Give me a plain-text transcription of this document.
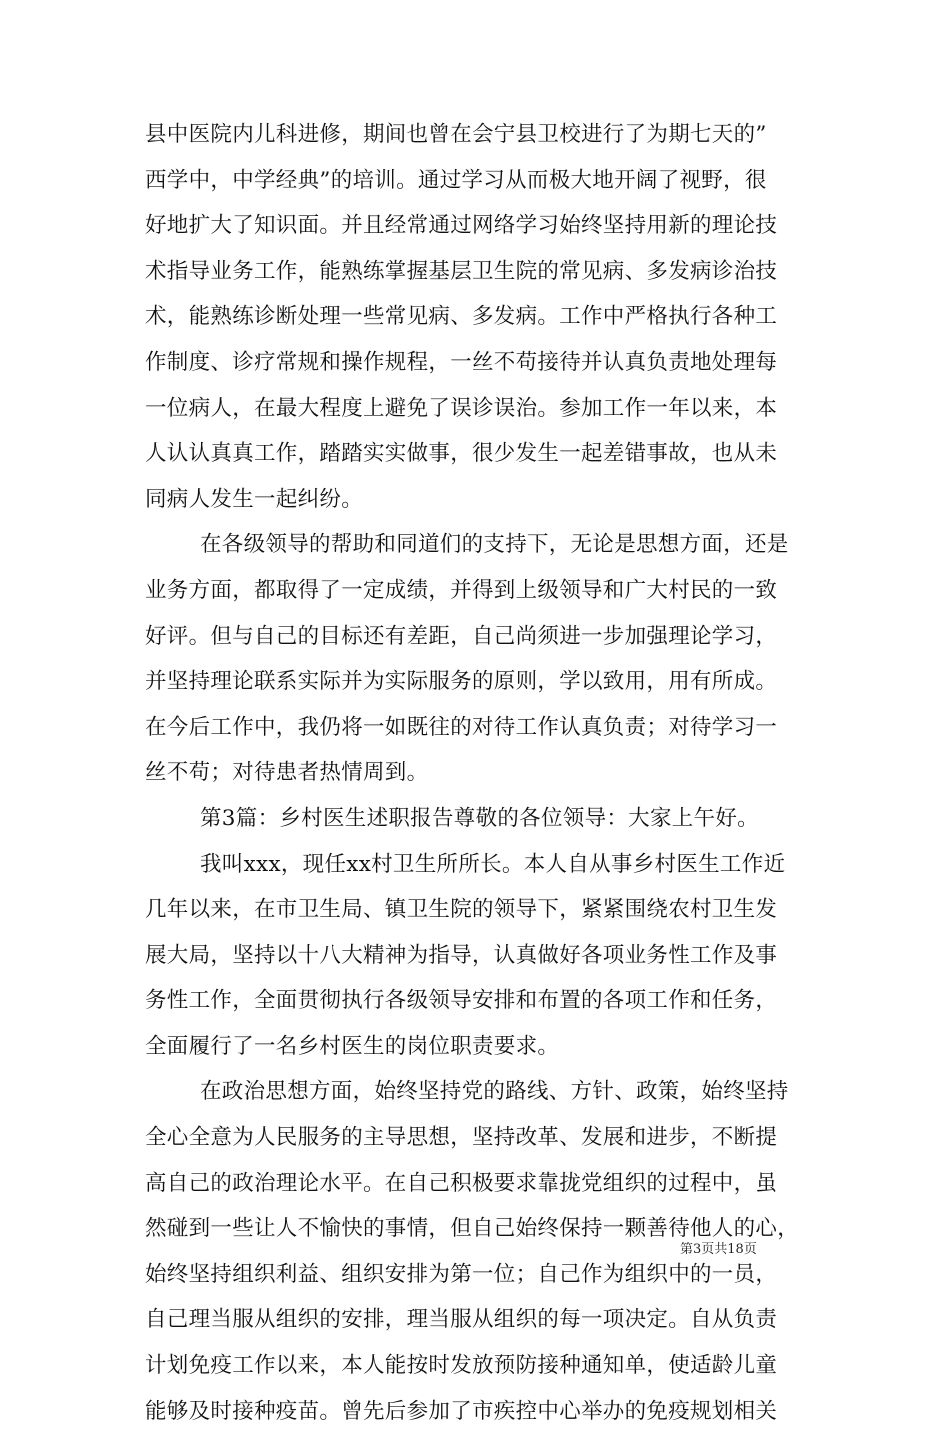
县中医院内儿科进修，期间也曾在会宁县卫校进行了为期七天的”
西学中，中学经典”的培训。通过学习从而极大地开阔了视野，很
好地扩大了知识面。并且经常通过网络学习始终坚持用新的理论技
术指导业务工作，能熟练掌握基层卫生院的常见病、多发病诊治技
术，能熟练诊断处理一些常见病、多发病。工作中严格执行各种工
作制度、诊疗常规和操作规程，一丝不苟接待并认真负责地处理每
一位病人，在最大程度上避免了误诊误治。参加工作一年以来，本
人认认真真工作，踏踏实实做事，很少发生一起差错事故，也从未
同病人发生一起纠纷。
在各级领导的帮助和同道们的支持下，无论是思想方面，还是
业务方面，都取得了一定成绩，并得到上级领导和广大村民的一致
好评。但与自己的目标还有差距，自己尚须进一步加强理论学习，
并坚持理论联系实际并为实际服务的原则，学以致用，用有所成。
在今后工作中，我仍将一如既往的对待工作认真负责；对待学习一
丝不苟；对待患者热情周到。
第3篇：乡村医生述职报告尊敬的各位领导：大家上午好。
我叫xxx，现任xx村卫生所所长。本人自从事乡村医生工作近
几年以来，在市卫生局、镇卫生院的领导下，紧紧围绕农村卫生发
展大局，坚持以十八大精神为指导，认真做好各项业务性工作及事
务性工作，全面贯彻执行各级领导安排和布置的各项工作和任务，
全面履行了一名乡村医生的岗位职责要求。
在政治思想方面，始终坚持党的路线、方针、政策，始终坚持
全心全意为人民服务的主导思想，坚持改革、发展和进步，不断提
高自己的政治理论水平。在自己积极要求靠拢党组织的过程中，虽
然碰到一些让人不愉快的事情，但自己始终保持一颗善待他人的心，
始终坚持组织利益、组织安排为第一位；自己作为组织中的一员，
自己理当服从组织的安排，理当服从组织的每一项决定。自从负责
计划免疫工作以来，本人能按时发放预防接种通知单，使适龄儿童
能够及时接种疫苗。曾先后参加了市疾控中心举办的免疫规划相关
第3页共18页
